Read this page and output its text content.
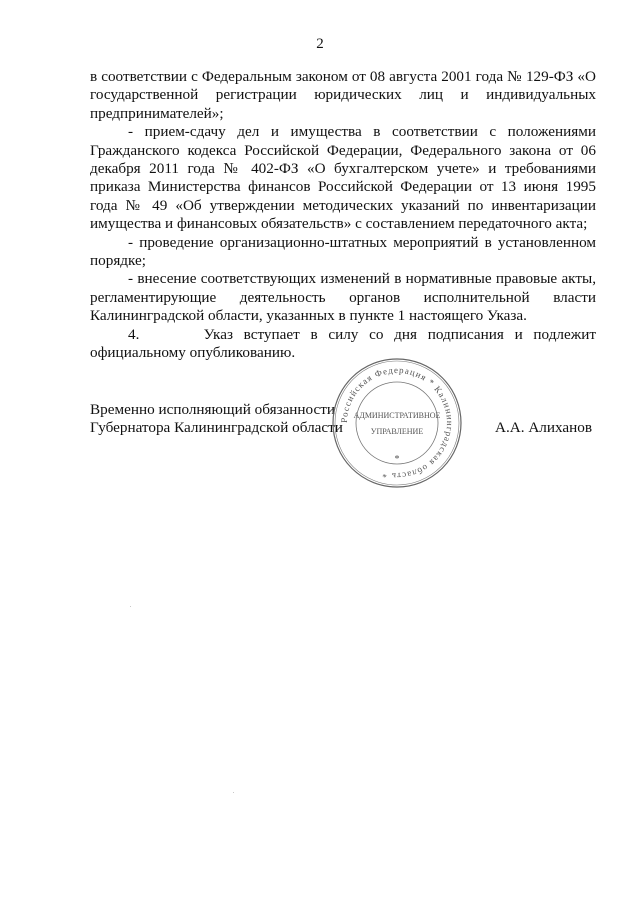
2

в соответствии с Федеральным законом от 08 августа 2001 года № 129-ФЗ «О государственной регистрации юридических лиц и индивидуальных предпринимателей»;

- прием-сдачу дел и имущества в соответствии с положениями Гражданского кодекса Российской Федерации, Федерального закона от 06 декабря 2011 года № 402-ФЗ «О бухгалтерском учете» и требованиями приказа Министерства финансов Российской Федерации от 13 июня 1995 года № 49 «Об утверждении методических указаний по инвентаризации имущества и финансовых обязательств» с составлением передаточного акта;

- проведение организационно-штатных мероприятий в установленном порядке;

- внесение соответствующих изменений в нормативные правовые акты, регламентирующие деятельность органов исполнительной власти Калининградской области, указанных в пункте 1 настоящего Указа.

4.      Указ вступает в силу со дня подписания и подлежит официальному опубликованию.

Временно исполняющий обязанности
Губернатора Калининградской области	А.А. Алиханов
Российская Федерация * Калининградская область *
АДМИНИСТРАТИВНОЕ
УПРАВЛЕНИЕ
*
